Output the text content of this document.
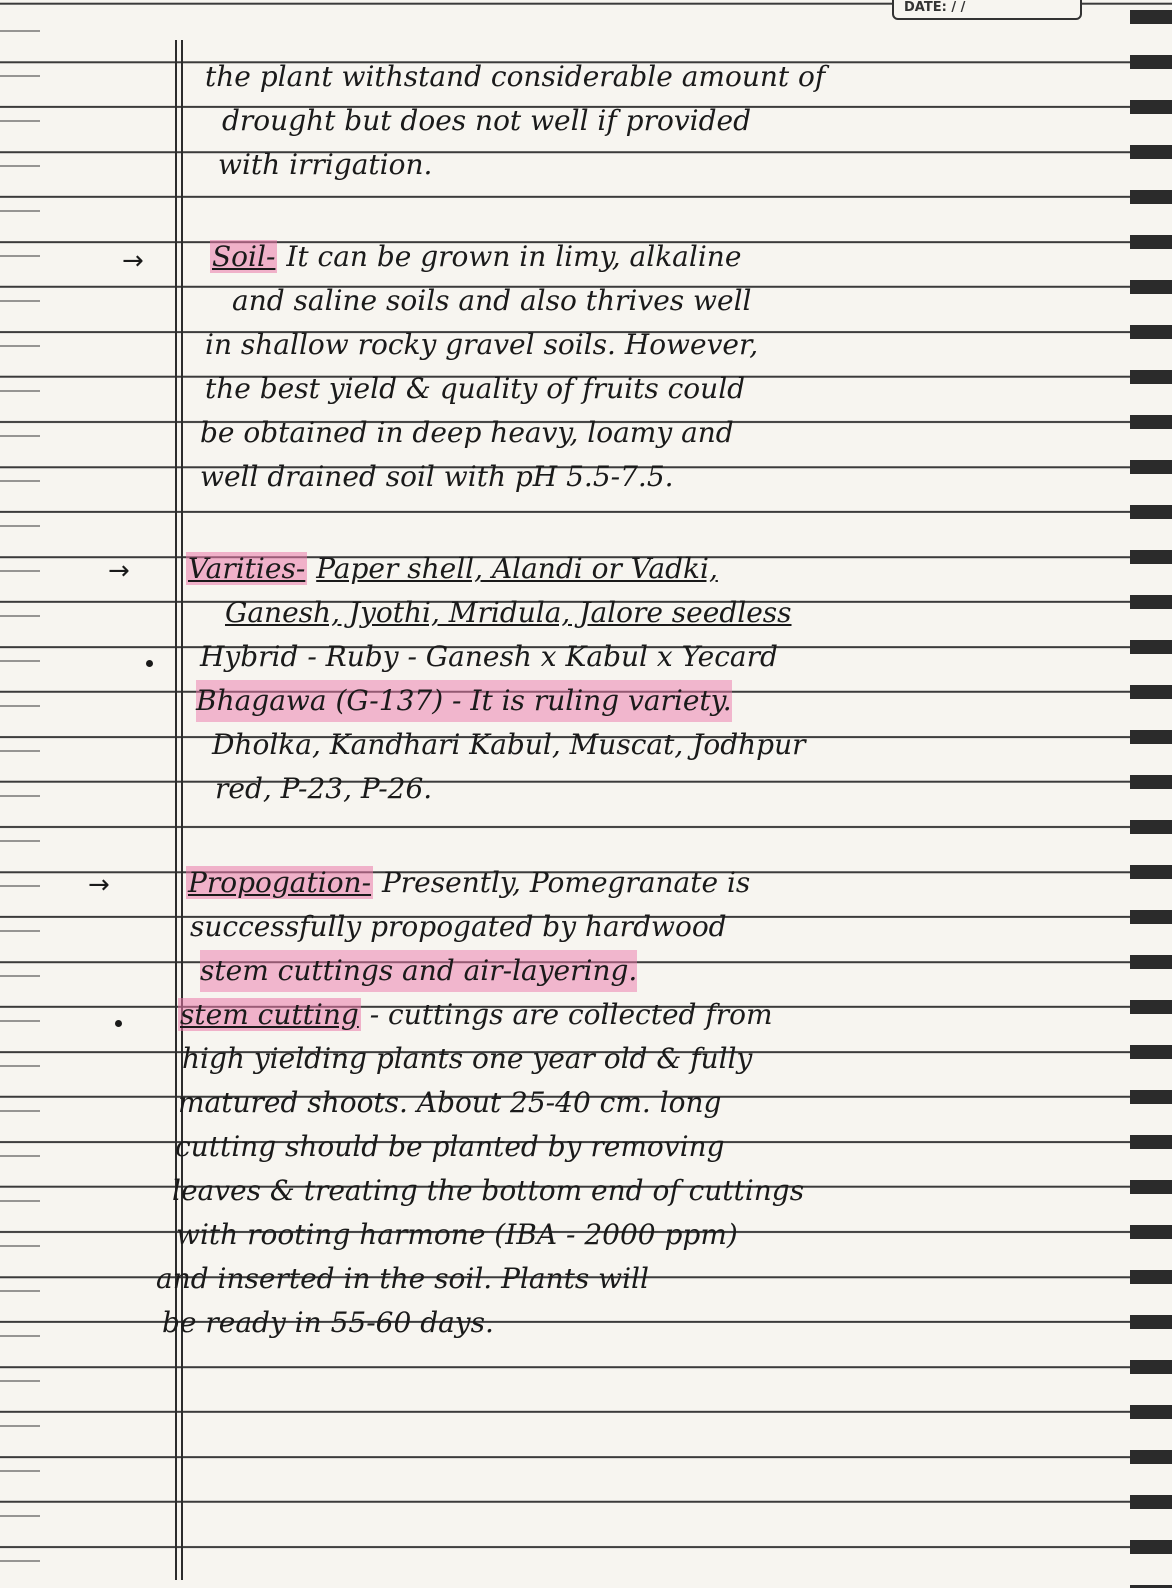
DATE: / /
the plant withstand considerable amount of
drought but does not well if provided
with irrigation.
→ Soil- It can be grown in limy, alkaline
and saline soils and also thrives well
in shallow rocky gravel soils. However,
the best yield & quality of fruits could
be obtained in deep heavy, loamy and
well drained soil with pH 5.5-7.5.
→ Varities- Paper shell, Alandi or Vadki,
Ganesh, Jyothi, Mridula, Jalore seedless
Hybrid - Ruby - Ganesh x Kabul x Yecard
Bhagawa (G-137) - It is ruling variety.
Dholka, Kandhari Kabul, Muscat, Jodhpur
red, P-23, P-26.
→	Propogation- Presently, Pomegranate is
successfully propogated by hardwood
stem cuttings and air-layering.
stem cutting - cuttings are collected from
high yielding plants one year old & fully
matured shoots. About 25-40 cm. long
cutting should be planted by removing
leaves & treating the bottom end of cuttings
with rooting harmone (IBA - 2000 ppm)
and inserted in the soil. Plants will
be ready in 55-60 days.
